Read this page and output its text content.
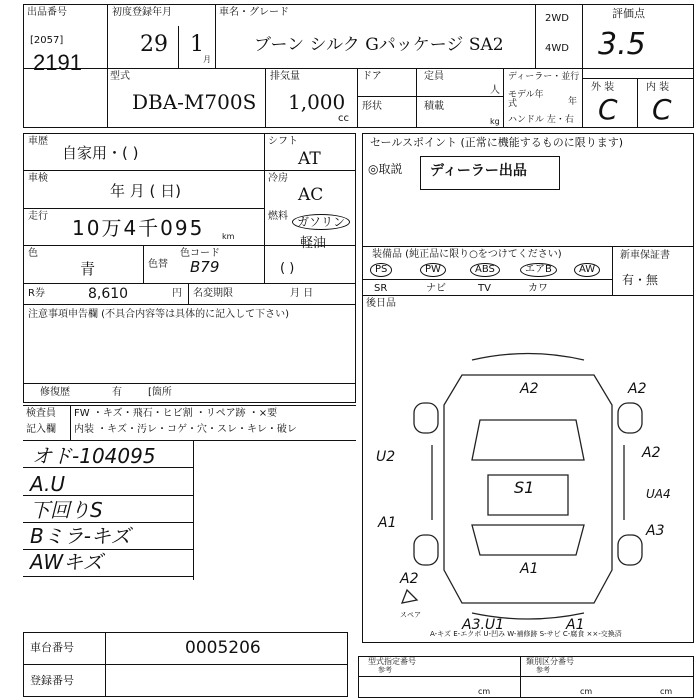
出品番号
[2057]
2191
初度登録年月
29 1
月
車名・グレード
ブーン シルク Gパッケージ SA2
2WD
4WD
評価点
3.5
型式
DBA-M700S
排気量
1,000
cc
ドア	定員
人
形状	積載
kg
ディーラー・並行
モデル年式	年
ハンドル 左・右
外 装	内 装
C C
車歴
自家用・( )
シフト
AT
車検
年 月 ( 日)
冷房
AC
走行 10万4千095 km
燃料 ガソリン
軽油
( )
色
青	色替
色コード
B79
R券	8,610	円 名変期限	月 日
注意事項申告欄 (不具合内容等は具体的に記入して下さい)
修復歴	有	[箇所
検査員
記入欄
FW ・キズ・飛石・ヒビ割 ・リペア跡 ・×要
内装 ・キズ・汚レ・コゲ・穴・スレ・キレ・破レ
オド-104095
A.U
下回りS
Bミラ-キズ
AWキズ
車台番号	0005206
登録番号
セールスポイント (正常に機能するものに限ります)
◎取説 ディーラー出品
装備品 (純正品に限り○をつけてください)
PS	PW	ABS	エアB	AW
SR	ナビ	TV	カワ
新車保証書
有・無
後日品
A2	A2
A2
U2
S1	UA4
A1	A3
A2
A1
A3.U1	A1
スペア
A-キズ E-エクボ U-凹み W-補修跡 S-サビ C-腐食 ××-交換済
型式指定番号
参考
類別区分番号
参考
cm	cm	cm
